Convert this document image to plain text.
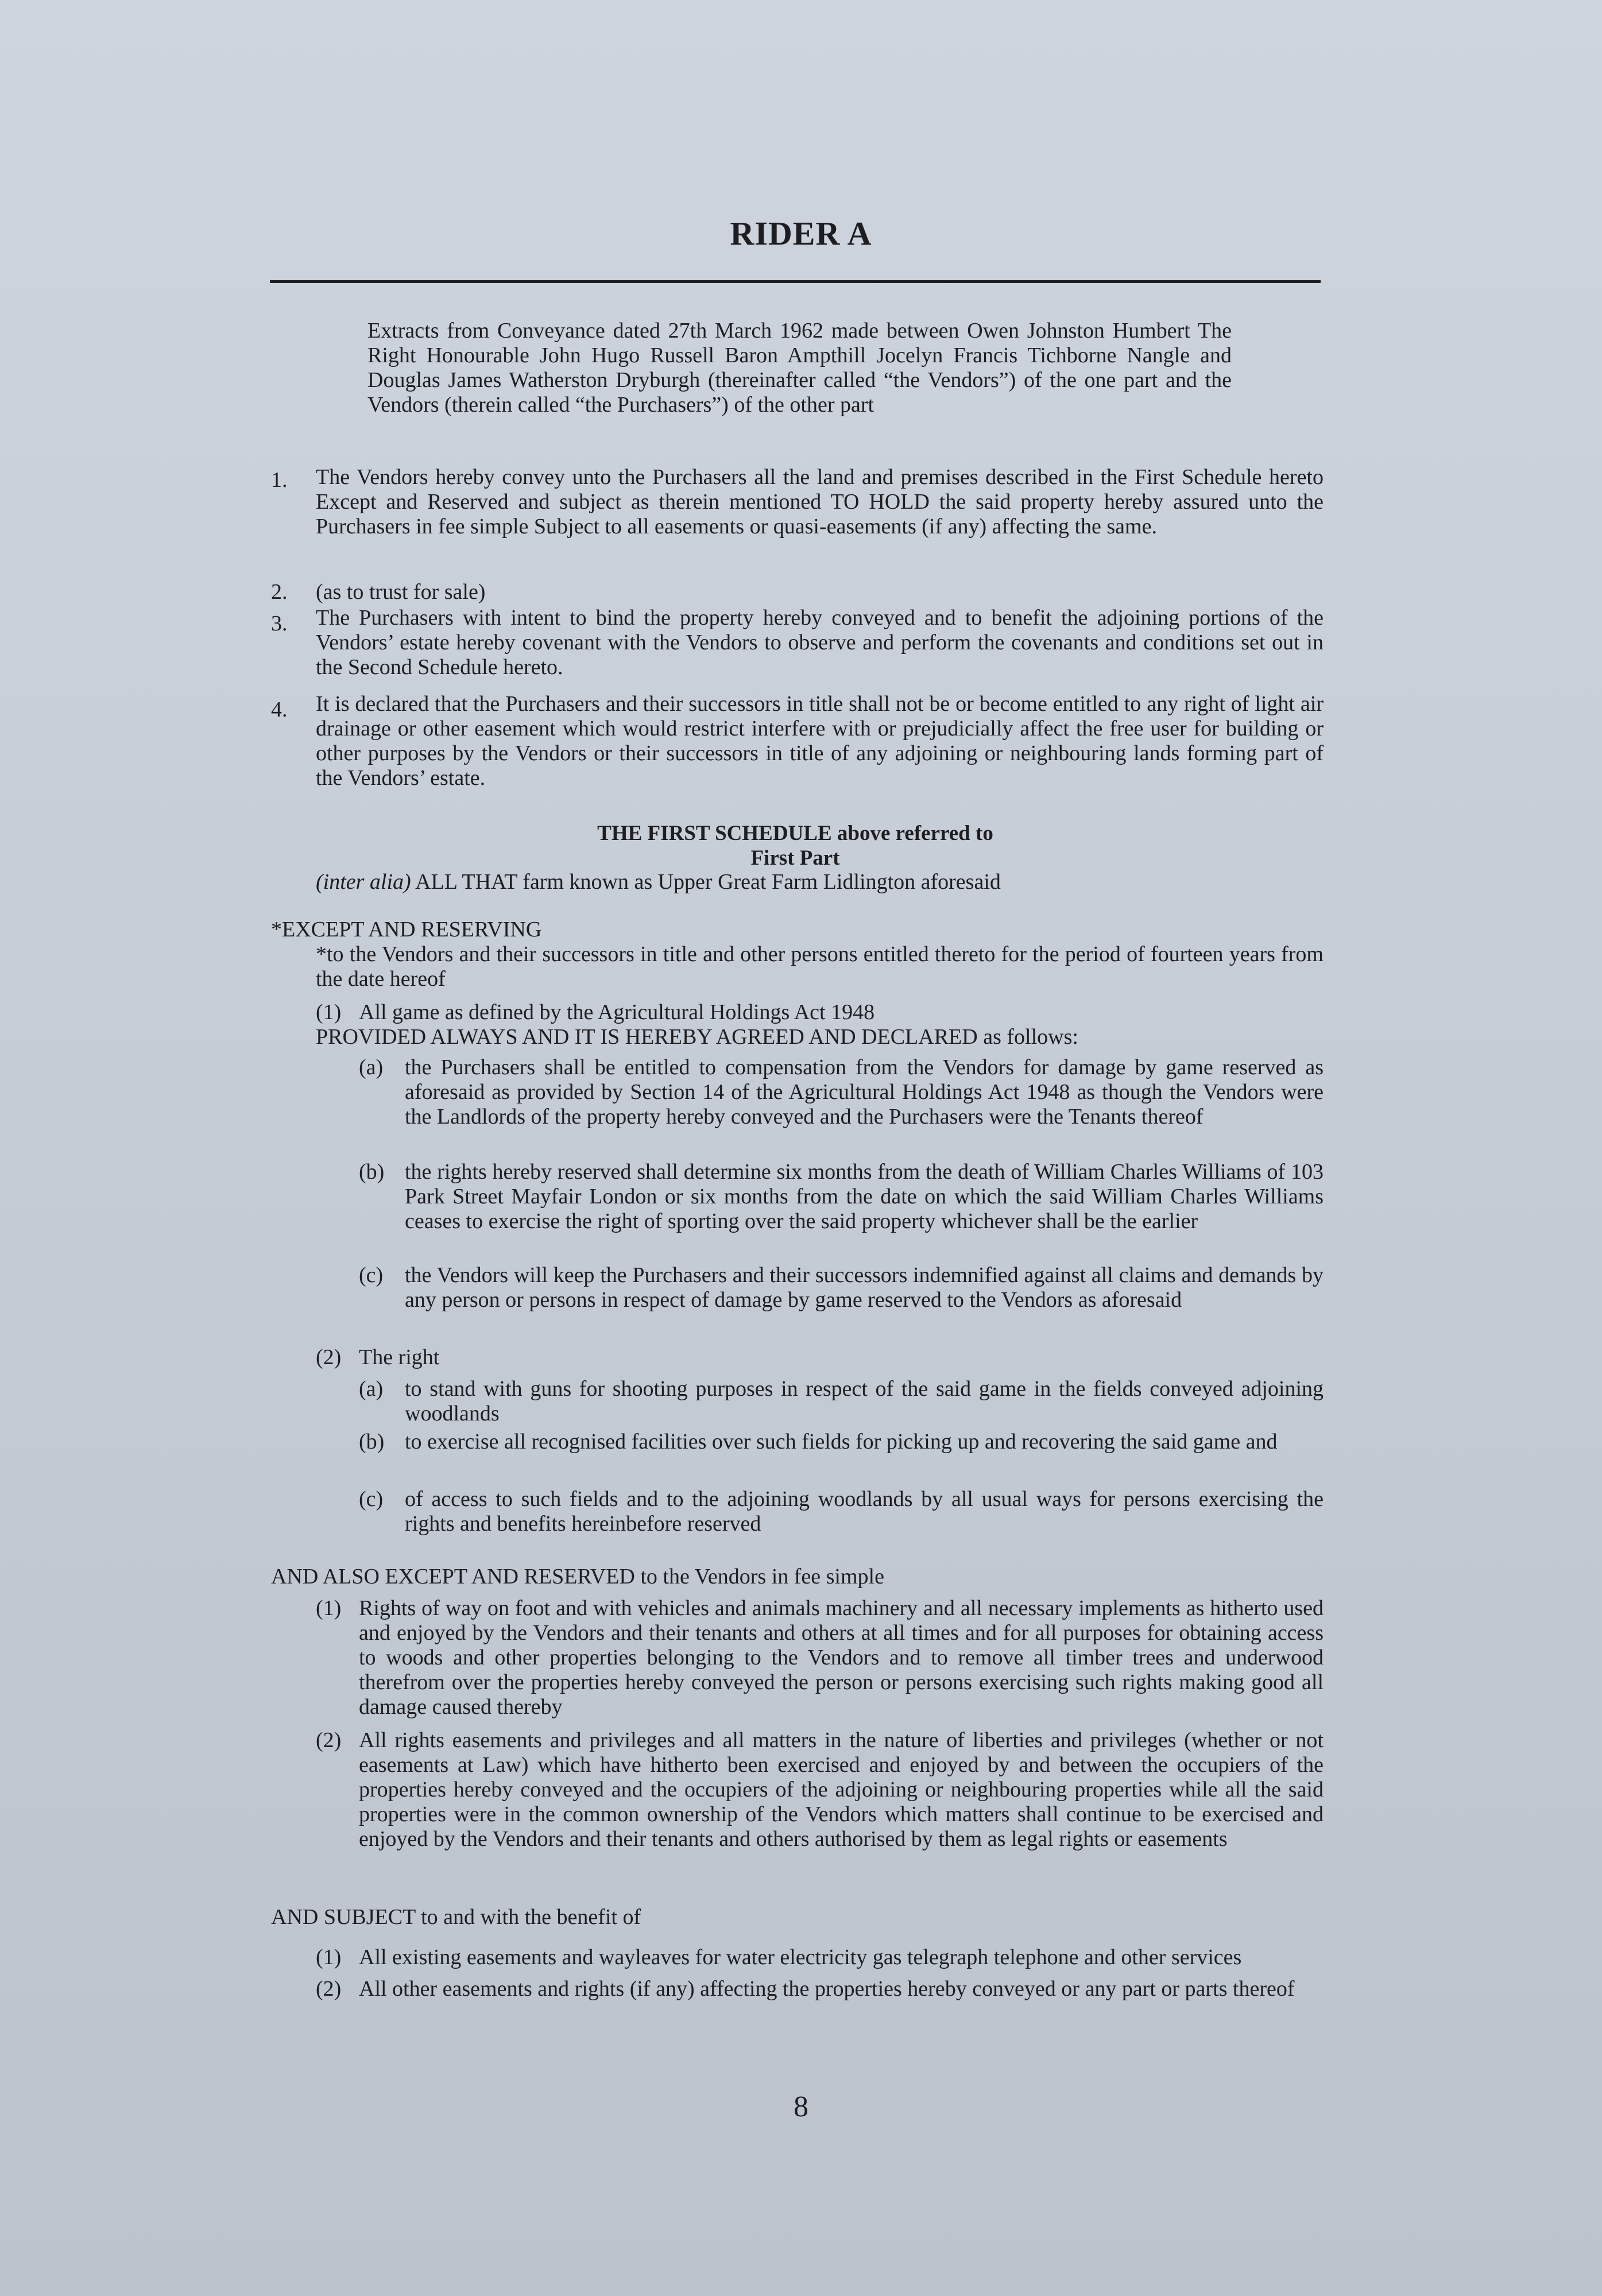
RIDER A
Extracts from Conveyance dated 27th March 1962 made between Owen Johnston Humbert The Right Honourable John Hugo Russell Baron Ampthill Jocelyn Francis Tichborne Nangle and Douglas James Watherston Dryburgh (thereinafter called “the Vendors”) of the one part and the Vendors (therein called “the Purchasers”) of the other part
1.	The Vendors hereby convey unto the Purchasers all the land and premises described in the First Schedule hereto Except and Reserved and subject as therein mentioned TO HOLD the said property hereby assured unto the Purchasers in fee simple Subject to all easements or quasi-easements (if any) affecting the same.
2.	(as to trust for sale)
3.	The Purchasers with intent to bind the property hereby conveyed and to benefit the adjoining portions of the Vendors’ estate hereby covenant with the Vendors to observe and perform the covenants and conditions set out in the Second Schedule hereto.
4.	It is declared that the Purchasers and their successors in title shall not be or become entitled to any right of light air drainage or other easement which would restrict interfere with or prejudicially affect the free user for building or other purposes by the Vendors or their successors in title of any adjoining or neighbouring lands forming part of the Vendors’ estate.
THE FIRST SCHEDULE above referred to
First Part
(inter alia) ALL THAT farm known as Upper Great Farm Lidlington aforesaid
*EXCEPT AND RESERVING
*to the Vendors and their successors in title and other persons entitled thereto for the period of fourteen years from the date hereof
(1) All game as defined by the Agricultural Holdings Act 1948
PROVIDED ALWAYS AND IT IS HEREBY AGREED AND DECLARED as follows:
(a) the Purchasers shall be entitled to compensation from the Vendors for damage by game reserved as aforesaid as provided by Section 14 of the Agricultural Holdings Act 1948 as though the Vendors were the Landlords of the property hereby conveyed and the Purchasers were the Tenants thereof
(b) the rights hereby reserved shall determine six months from the death of William Charles Williams of 103 Park Street Mayfair London or six months from the date on which the said William Charles Williams ceases to exercise the right of sporting over the said property whichever shall be the earlier
(c) the Vendors will keep the Purchasers and their successors indemnified against all claims and demands by any person or persons in respect of damage by game reserved to the Vendors as aforesaid
(2) The right
(a) to stand with guns for shooting purposes in respect of the said game in the fields conveyed adjoining woodlands
(b) to exercise all recognised facilities over such fields for picking up and recovering the said game and
(c) of access to such fields and to the adjoining woodlands by all usual ways for persons exercising the rights and benefits hereinbefore reserved
AND ALSO EXCEPT AND RESERVED to the Vendors in fee simple
(1) Rights of way on foot and with vehicles and animals machinery and all necessary implements as hitherto used and enjoyed by the Vendors and their tenants and others at all times and for all purposes for obtaining access to woods and other properties belonging to the Vendors and to remove all timber trees and underwood therefrom over the properties hereby conveyed the person or persons exercising such rights making good all damage caused thereby
(2) All rights easements and privileges and all matters in the nature of liberties and privileges (whether or not easements at Law) which have hitherto been exercised and enjoyed by and between the occupiers of the properties hereby conveyed and the occupiers of the adjoining or neighbouring properties while all the said properties were in the common ownership of the Vendors which matters shall continue to be exercised and enjoyed by the Vendors and their tenants and others authorised by them as legal rights or easements
AND SUBJECT to and with the benefit of
(1) All existing easements and wayleaves for water electricity gas telegraph telephone and other services
(2) All other easements and rights (if any) affecting the properties hereby conveyed or any part or parts thereof
8
